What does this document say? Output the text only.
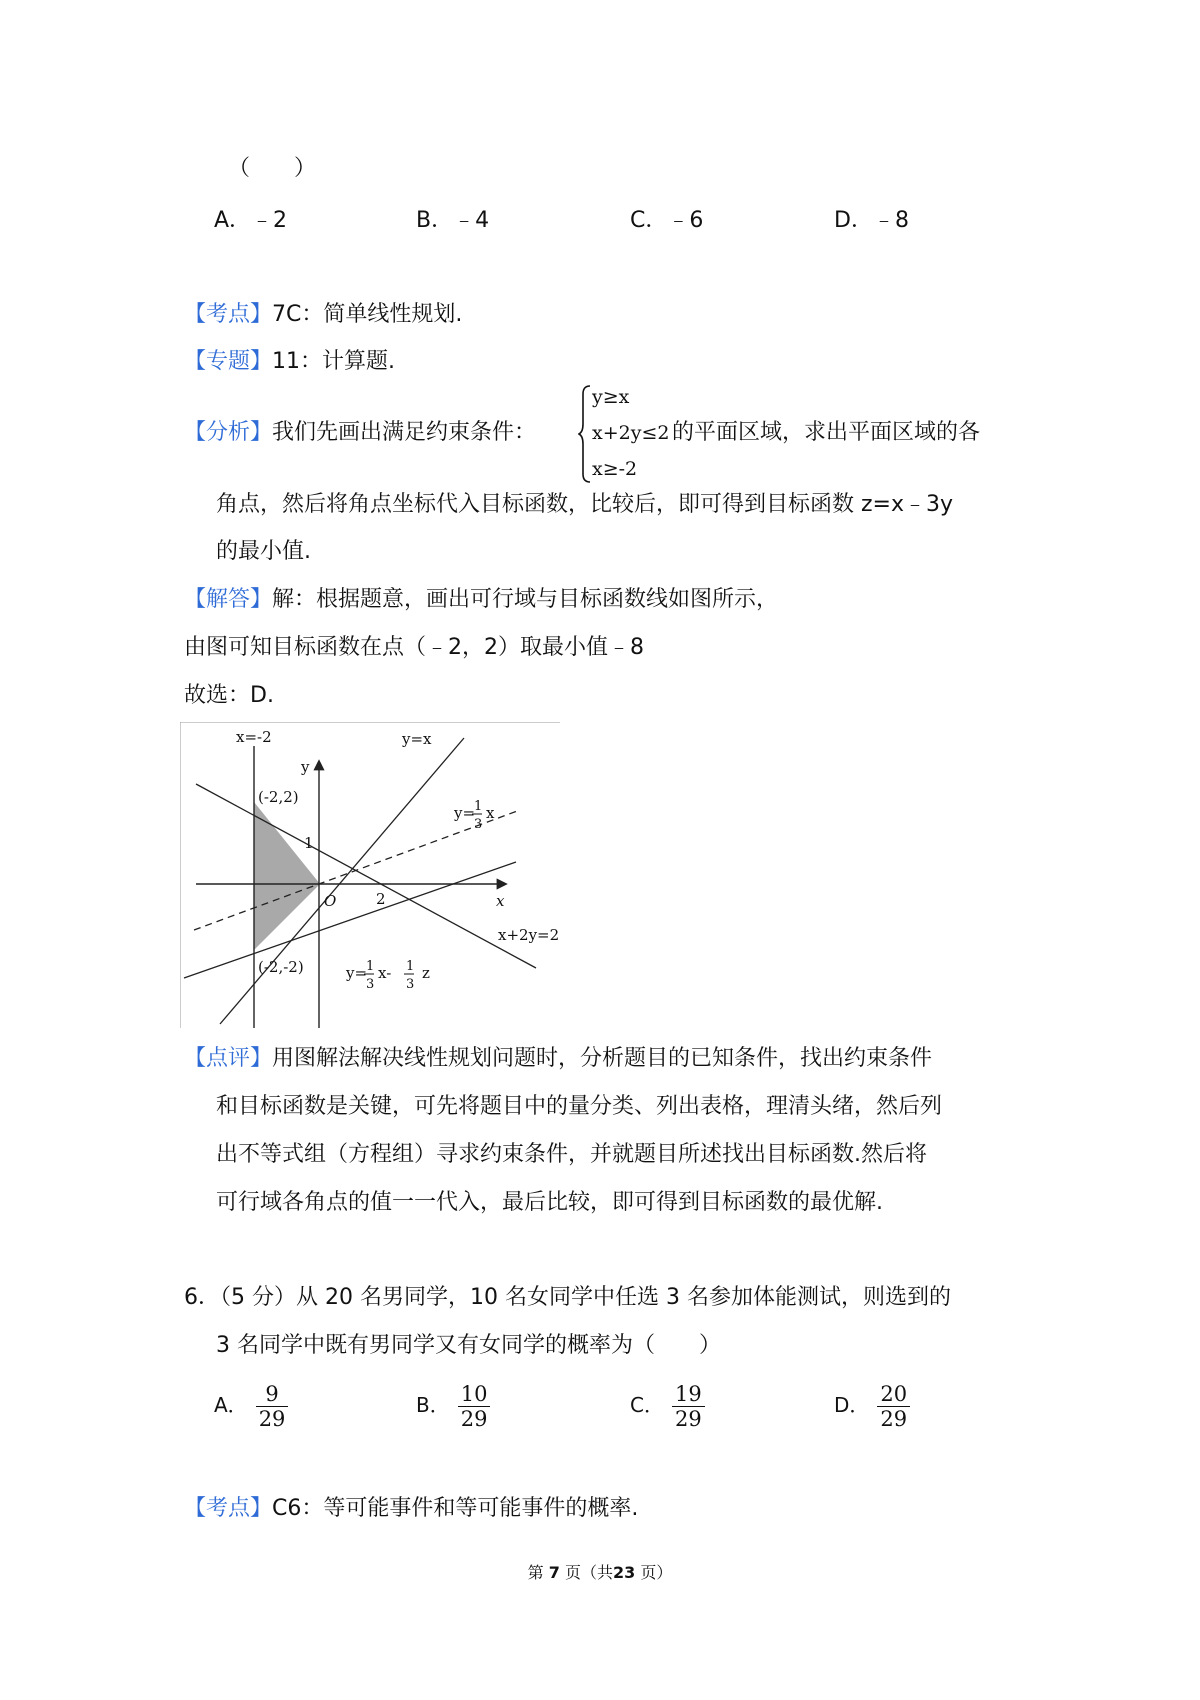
（　　）
A．﹣2	B．﹣4	C．﹣6	D．﹣8
【考点】7C：简单线性规划.
【专题】11：计算题.
【分析】我们先画出满足约束条件：
y≥x
x+2y≤2
x≥-2
的平面区域，求出平面区域的各
角点，然后将角点坐标代入目标函数，比较后，即可得到目标函数 z=x﹣3y
的最小值.
【解答】解：根据题意，画出可行域与目标函数线如图所示，
由图可知目标函数在点（﹣2，2）取最小值﹣8
故选：D.
x=-2	y=x
y
x
O
1
2
(-2,2)
(-2,-2)
x+2y=2
y=
1
3
x
y=
1
3
x- 1
3
z
【点评】用图解法解决线性规划问题时，分析题目的已知条件，找出约束条件
和目标函数是关键，可先将题目中的量分类、列出表格，理清头绪，然后列
出不等式组（方程组）寻求约束条件，并就题目所述找出目标函数.然后将
可行域各角点的值一一代入，最后比较，即可得到目标函数的最优解.
6．（5 分）从 20 名男同学，10 名女同学中任选 3 名参加体能测试，则选到的
3 名同学中既有男同学又有女同学的概率为（　　）
A． $\frac{9}{29}$	B． $\frac{10}{29}$	C． $\frac{19}{29}$	D． $\frac{20}{29}$
【考点】C6：等可能事件和等可能事件的概率.
第 7 页（共23 页）
